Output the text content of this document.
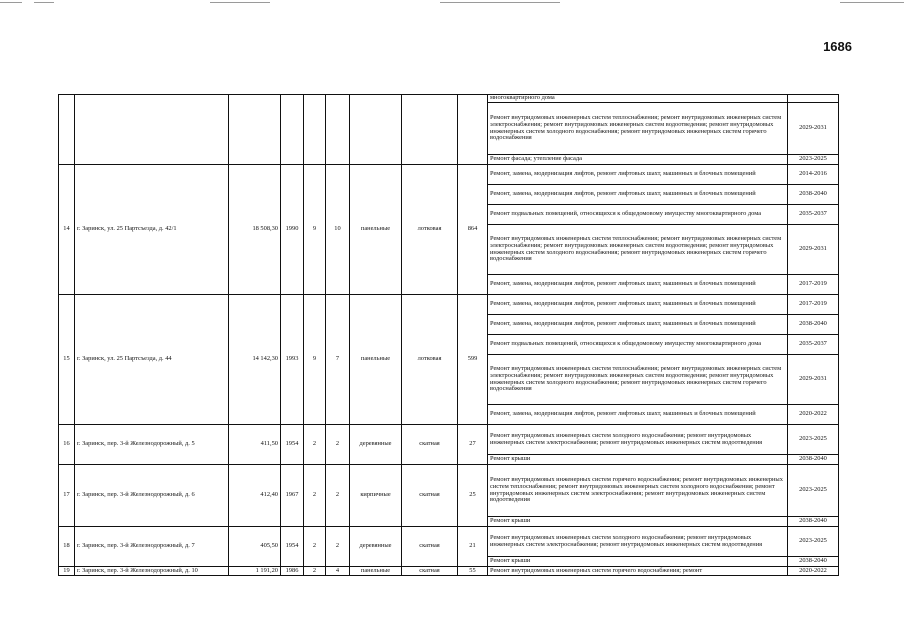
1686
									многоквартирного дома	
									Ремонт внутридомовых инженерных систем теплоснабжения; ремонт внутридомовых инженерных систем электроснабжения; ремонт внутридомовых инженерных систем водоотведения; ремонт внутридомовых инженерных систем холодного водоснабжения; ремонт внутридомовых инженерных систем горячего водоснабжения	2029-2031
									Ремонт фасада; утепление фасада	2023-2025
14	г. Заринск, ул. 25 Партсъезда, д. 42/1	18 508,30	1990	9	10	панельные	лотковая	864	Ремонт, замена, модернизация лифтов, ремонт лифтовых шахт, машинных и блочных помещений	2014-2016
									Ремонт, замена, модернизация лифтов, ремонт лифтовых шахт, машинных и блочных помещений	2038-2040
									Ремонт подвальных помещений, относящихся к общедомовому имуществу многоквартирного дома	2035-2037
									Ремонт внутридомовых инженерных систем теплоснабжения; ремонт внутридомовых инженерных систем электроснабжения; ремонт внутридомовых инженерных систем водоотведения; ремонт внутридомовых инженерных систем холодного водоснабжения; ремонт внутридомовых инженерных систем горячего водоснабжения	2029-2031
									Ремонт, замена, модернизация лифтов, ремонт лифтовых шахт, машинных и блочных помещений	2017-2019
15	г. Заринск, ул. 25 Партсъезда, д. 44	14 142,30	1993	9	7	панельные	лотковая	599	Ремонт, замена, модернизация лифтов, ремонт лифтовых шахт, машинных и блочных помещений	2017-2019
									Ремонт, замена, модернизация лифтов, ремонт лифтовых шахт, машинных и блочных помещений	2038-2040
									Ремонт подвальных помещений, относящихся к общедомовому имуществу многоквартирного дома	2035-2037
									Ремонт внутридомовых инженерных систем теплоснабжения; ремонт внутридомовых инженерных систем электроснабжения; ремонт внутридомовых инженерных систем водоотведения; ремонт внутридомовых инженерных систем холодного водоснабжения; ремонт внутридомовых инженерных систем горячего водоснабжения	2029-2031
									Ремонт, замена, модернизация лифтов, ремонт лифтовых шахт, машинных и блочных помещений	2020-2022
16	г. Заринск, пер. 3-й Железнодорожный, д. 5	411,50	1954	2	2	деревянные	скатная	27	Ремонт внутридомовых инженерных систем холодного водоснабжения; ремонт внутридомовых инженерных систем электроснабжения; ремонт внутридомовых инженерных систем водоотведения	2023-2025
									Ремонт крыши	2038-2040
17	г. Заринск, пер. 3-й Железнодорожный, д. 6	412,40	1967	2	2	кирпичные	скатная	25	Ремонт внутридомовых инженерных систем горячего водоснабжения; ремонт внутридомовых инженерных систем теплоснабжения; ремонт внутридомовых инженерных систем холодного водоснабжения; ремонт внутридомовых инженерных систем электроснабжения; ремонт внутридомовых инженерных систем водоотведения	2023-2025
									Ремонт крыши	2038-2040
18	г. Заринск, пер. 3-й Железнодорожный, д. 7	405,50	1954	2	2	деревянные	скатная	21	Ремонт внутридомовых инженерных систем холодного водоснабжения; ремонт внутридомовых инженерных систем электроснабжения; ремонт внутридомовых инженерных систем водоотведения	2023-2025
									Ремонт крыши	2038-2040
19	г. Заринск, пер. 3-й Железнодорожный, д. 10	1 191,20	1986	2	4	панельные	скатная	55	Ремонт внутридомовых инженерных систем горячего водоснабжения; ремонт	2020-2022
